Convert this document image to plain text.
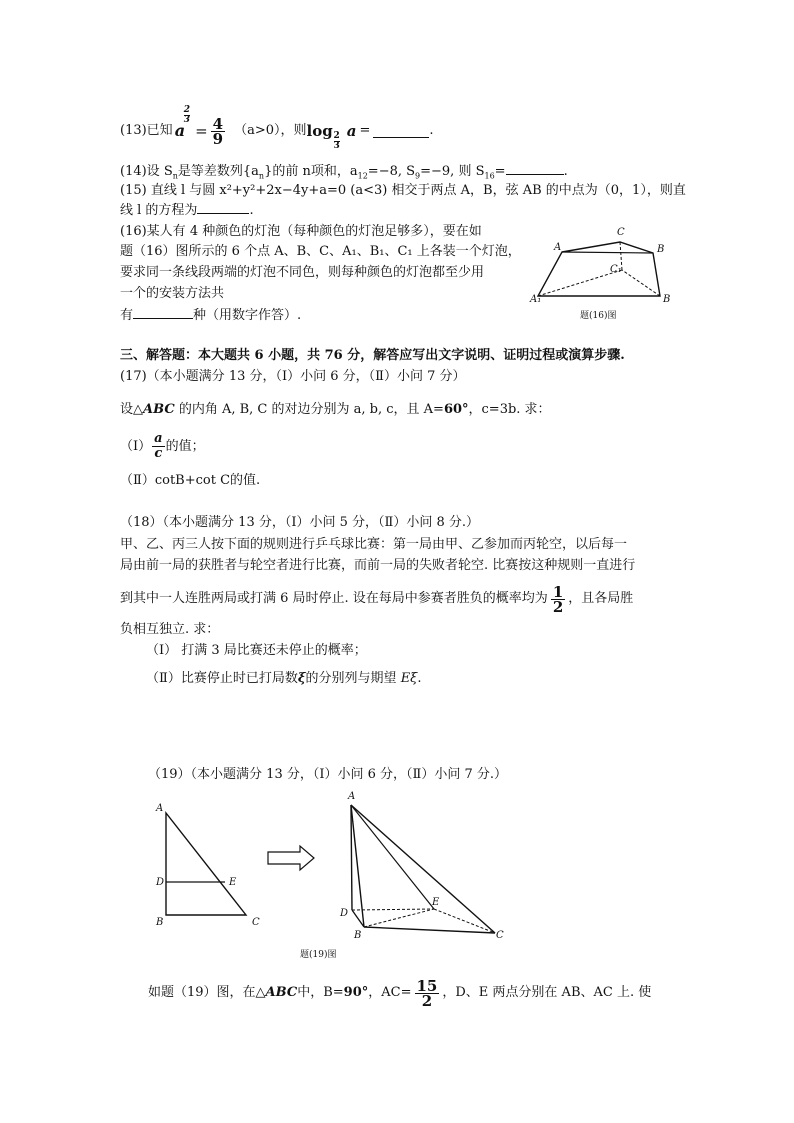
(13)已知 a
2
3
= $\frac{4}{9} (a>0)$，则 log 2
3
a =	.
(14)设 $S_n$是等差数列$\{a_n\}$的前 n项和，$a_{12}=-8$, $S_9=-9$, 则 $S_{16}=$	.
(15) 直线 l 与圆 x²+y²+2x−4y+a=0 (a<3) 相交于两点 A，B，弦 AB 的中点为（0，1），则直
线 l 的方程为	.
(16)某人有 4 种颜色的灯泡（每种颜色的灯泡足够多），要在如
题（16）图所示的 6 个点 A、B、C、A₁、B₁、C₁ 上各装一个灯泡，
要求同一条线段两端的灯泡不同色，则每种颜色的灯泡都至少用
一个的安装方法共
有	种（用数字作答）.
A
C
B
C₁
A₁	B
题(16)图
三、解答题：本大题共 6 小题，共 76 分，解答应写出文字说明、证明过程或演算步骤.
(17)（本小题满分 13 分，（Ⅰ）小问 6 分，（Ⅱ）小问 7 分）
设△ABC 的内角 A, B, C 的对边分别为 a, b, c，且 A=60°，c=3b. 求：
（Ⅰ） $\frac{a}{c}$ 的值；
（Ⅱ）cotB+cot C的值.
（18）（本小题满分 13 分，（Ⅰ）小问 5 分，（Ⅱ）小问 8 分.）
甲、乙、丙三人按下面的规则进行乒乓球比赛：第一局由甲、乙参加而丙轮空，以后每一
局由前一局的获胜者与轮空者进行比赛，而前一局的失败者轮空. 比赛按这种规则一直进行
到其中一人连胜两局或打满 6 局时停止. 设在每局中参赛者胜负的概率均为 $\frac{1}{2}$ ，且各局胜
负相互独立. 求：
（Ⅰ） 打满 3 局比赛还未停止的概率；
（Ⅱ）比赛停止时已打局数ξ的分别列与期望 Eξ.
（19）（本小题满分 13 分，（Ⅰ）小问 6 分，（Ⅱ）小问 7 分.）
A
D	E
B	C
A
D
E
B	C
题(19)图
如题（19）图，在 △ABC 中，B= 90° ，$AC= \frac{15}{2}$ ，D、E 两点分别在 AB、AC 上. 使
